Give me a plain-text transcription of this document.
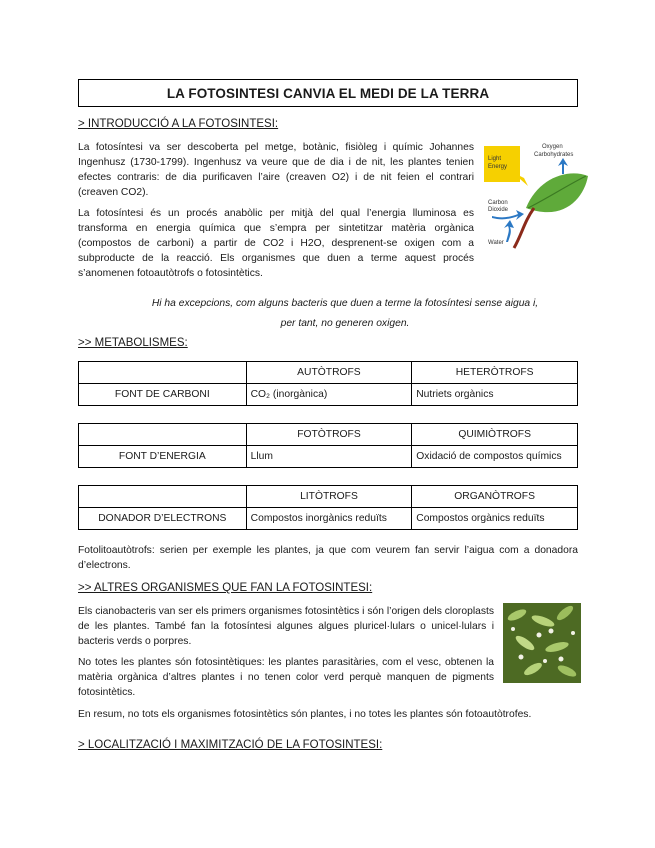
LA FOTOSINTESI CANVIA EL MEDI DE LA TERRA
> INTRODUCCIÓ A LA FOTOSINTESI:
La fotosíntesi va ser descoberta pel metge, botànic, fisiòleg i químic Johannes Ingenhusz (1730-1799). Ingenhusz va veure que de dia i de nit, les plantes tenien efectes contraris: de dia purificaven l’aire (creaven O2) i de nit feien el contrari (creaven CO2).
La fotosíntesi és un procés anabòlic per mitjà del qual l’energia lluminosa es transforma en energia química que s’empra per sintetitzar matèria orgànica (compostos de carboni) a partir de CO2 i H2O, desprenent-se oxigen com a subproducte de la reacció. Els organismes que duen a terme aquest procés s’anomenen fotoautòtrofs o fotosintètics.
Light
Energy
Oxygen
Carbohydrates
Carbon
Dioxide
Water
Hi ha excepcions, com alguns bacteris que duen a terme la fotosíntesi sense aigua i, per tant, no generen oxigen.
>> METABOLISMES:
	AUTÒTROFS	HETERÒTROFS
FONT DE CARBONI	CO₂ (inorgànica)	Nutriets orgànics
	FOTÒTROFS	QUIMIÒTROFS
FONT D’ENERGIA	Llum	Oxidació de compostos químics
	LITÒTROFS	ORGANÒTROFS
DONADOR D’ELECTRONS	Compostos inorgànics reduïts	Compostos orgànics reduïts
Fotolitoautòtrofs: serien per exemple les plantes, ja que com veurem fan servir l’aigua com a donadora d’electrons.
>> ALTRES ORGANISMES QUE FAN LA FOTOSINTESI:
Els cianobacteris van ser els primers organismes fotosintètics i són l’origen dels cloroplasts de les plantes. També fan la fotosíntesi algunes algues pluricel·lulars o unicel·lulars i bacteris verds o porpres.
No totes les plantes són fotosintètiques: les plantes parasitàries, com el vesc, obtenen la matèria orgànica d’altres plantes i no tenen color verd perquè manquen de pigments fotosintètics.
En resum, no tots els organismes fotosintètics són plantes, i no totes les plantes són fotoautòtrofes.
> LOCALITZACIÓ I MAXIMITZACIÓ DE LA FOTOSINTESI:
